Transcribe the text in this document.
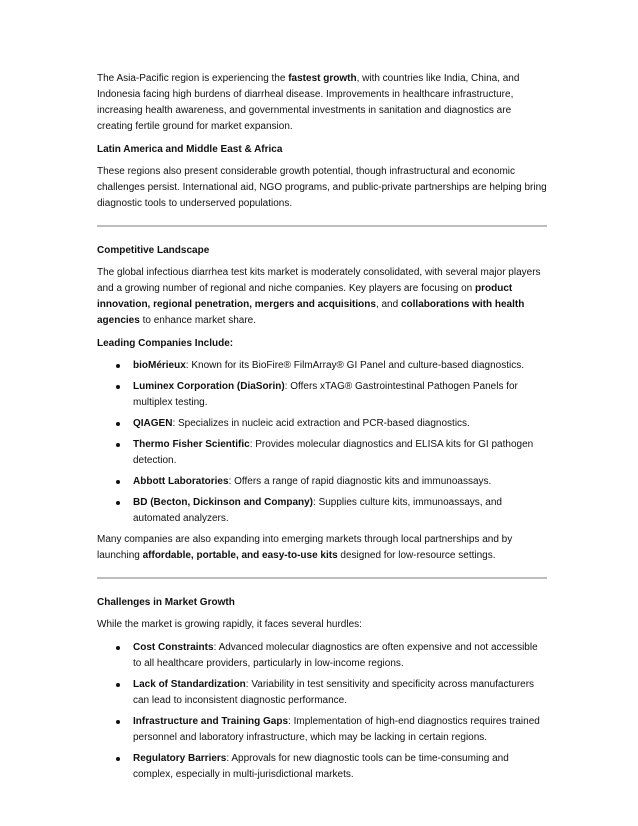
The Asia-Pacific region is experiencing the fastest growth, with countries like India, China, and Indonesia facing high burdens of diarrheal disease. Improvements in healthcare infrastructure, increasing health awareness, and governmental investments in sanitation and diagnostics are creating fertile ground for market expansion.

Latin America and Middle East & Africa

These regions also present considerable growth potential, though infrastructural and economic challenges persist. International aid, NGO programs, and public-private partnerships are helping bring diagnostic tools to underserved populations.

Competitive Landscape

The global infectious diarrhea test kits market is moderately consolidated, with several major players and a growing number of regional and niche companies. Key players are focusing on product innovation, regional penetration, mergers and acquisitions, and collaborations with health agencies to enhance market share.

Leading Companies Include:
bioMérieux: Known for its BioFire® FilmArray® GI Panel and culture-based diagnostics.
Luminex Corporation (DiaSorin): Offers xTAG® Gastrointestinal Pathogen Panels for multiplex testing.
QIAGEN: Specializes in nucleic acid extraction and PCR-based diagnostics.
Thermo Fisher Scientific: Provides molecular diagnostics and ELISA kits for GI pathogen detection.
Abbott Laboratories: Offers a range of rapid diagnostic kits and immunoassays.
BD (Becton, Dickinson and Company): Supplies culture kits, immunoassays, and automated analyzers.

Many companies are also expanding into emerging markets through local partnerships and by launching affordable, portable, and easy-to-use kits designed for low-resource settings.

Challenges in Market Growth

While the market is growing rapidly, it faces several hurdles:

Cost Constraints: Advanced molecular diagnostics are often expensive and not accessible to all healthcare providers, particularly in low-income regions.
Lack of Standardization: Variability in test sensitivity and specificity across manufacturers can lead to inconsistent diagnostic performance.
Infrastructure and Training Gaps: Implementation of high-end diagnostics requires trained personnel and laboratory infrastructure, which may be lacking in certain regions.
Regulatory Barriers: Approvals for new diagnostic tools can be time-consuming and complex, especially in multi-jurisdictional markets.
